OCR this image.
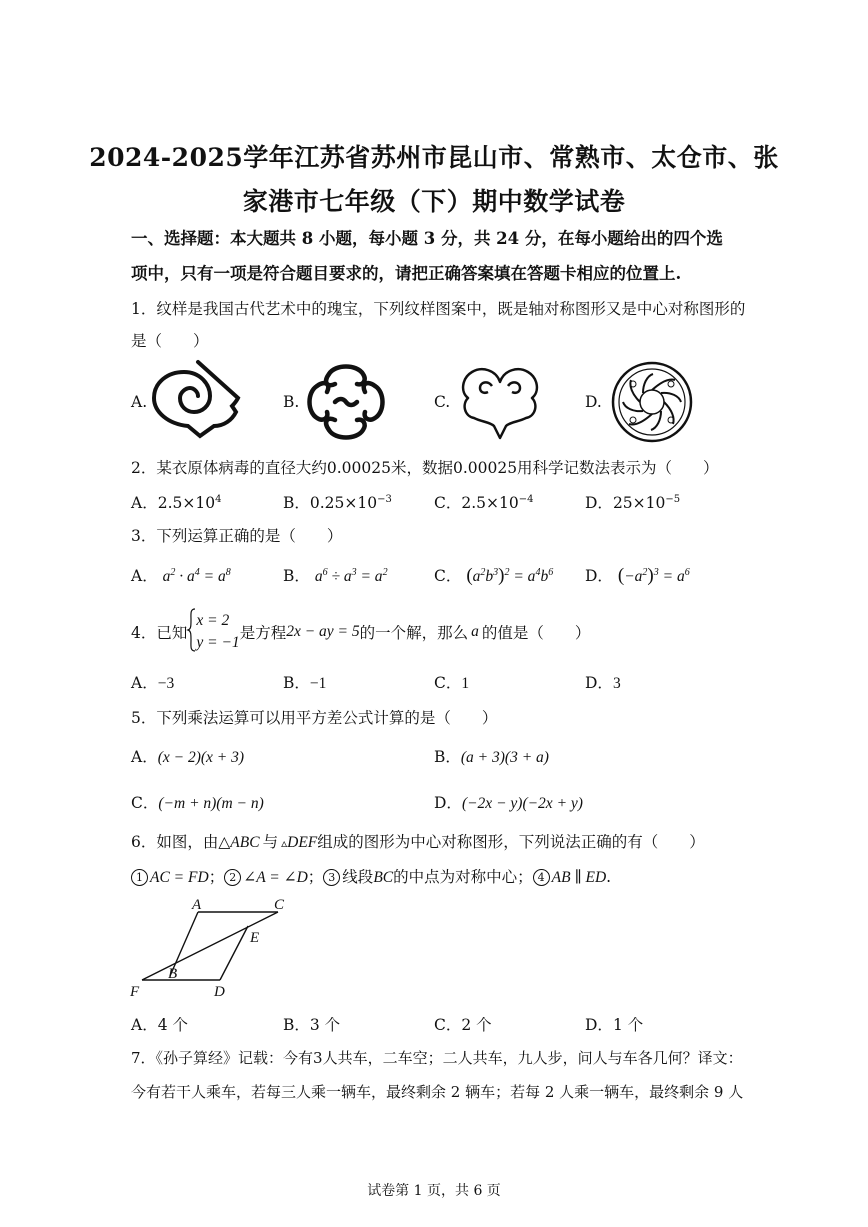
2024-2025学年江苏省苏州市昆山市、常熟市、太仓市、张
家港市七年级（下）期中数学试卷
一、选择题：本大题共 8 小题，每小题 3 分，共 24 分，在每小题给出的四个选
项中，只有一项是符合题目要求的，请把正确答案填在答题卡相应的位置上.
1．纹样是我国古代艺术中的瑰宝，下列纹样图案中，既是轴对称图形又是中心对称图形的
是（　　）
A.	B.	C.	D.
2．某衣原体病毒的直径大约0.00025米，数据0.00025用科学记数法表示为（　　）
A．$2.5\times 10^4$	B．$0.25\times 10^{-3}$	C．$2.5\times 10^{-4}$	D．$25\times 10^{-5}$
3．下列运算正确的是（　　）
A． $a^2 \cdot a^4 = a^8$	B． $a^6 \div a^3 = a^2$	C． $(a^2b^3)^2 = a^4b^6$ D． $(-a^2)^3 = a^6$
4．已知x = 2
y = −1是方程2x − ay = 5的一个解，那么 a 的值是（　　）
A．−3	B．−1	C．1	D．3
5．下列乘法运算可以用平方差公式计算的是（　　）
A．(x − 2)(x + 3)	B．(a + 3)(3 + a)
C．(−m + n)(m − n)	D．(−2x − y)(−2x + y)
6．如图，由△ABC 与 ▵DEF组成的图形为中心对称图形，下列说法正确的有（　　）
1 AC = FD； 2 ∠A = ∠D； 3 线段BC的中点为对称中心； 4 AB ∥ ED.
A	C
E
B
F	D
A．4 个	B．3 个	C．2 个	D．1 个
7．《孙子算经》记载：今有3人共车，二车空；二人共车，九人步，问人与车各几何？译文：
今有若干人乘车，若每三人乘一辆车，最终剩余 2 辆车；若每 2 人乘一辆车，最终剩余 9 人
试卷第 1 页，共 6 页
